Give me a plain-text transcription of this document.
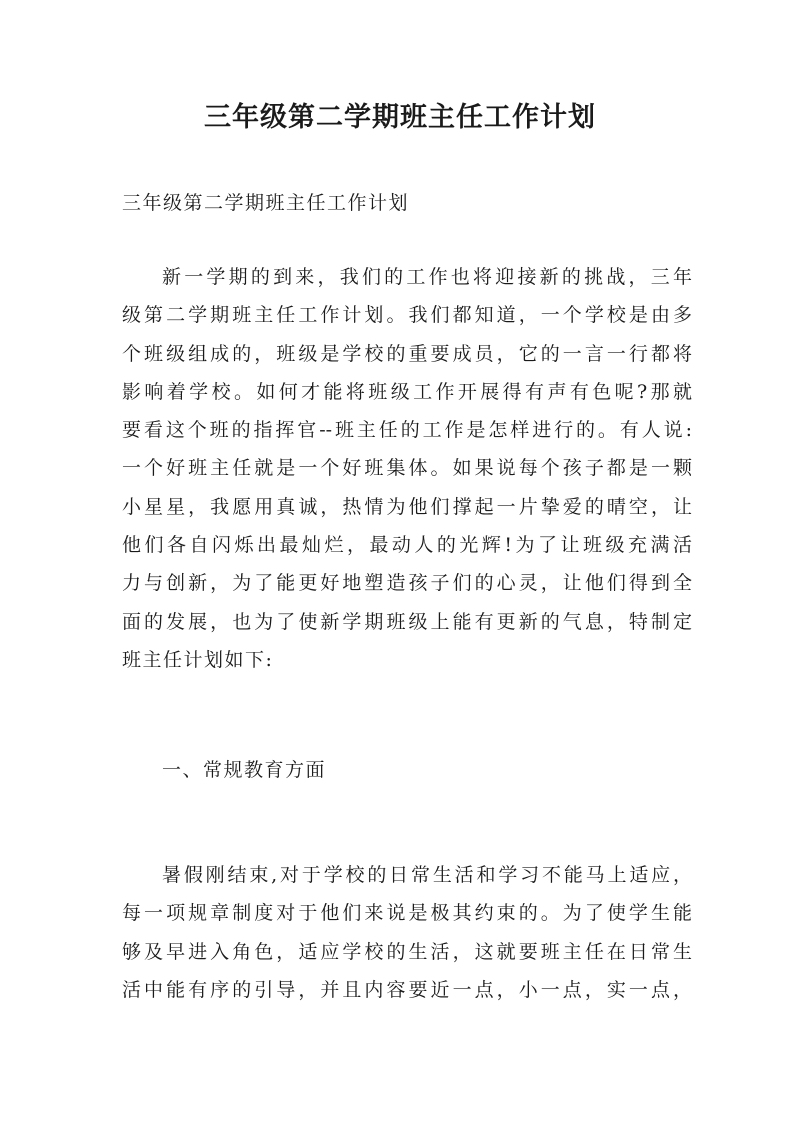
三年级第二学期班主任工作计划

三年级第二学期班主任工作计划

新一学期的到来，我们的工作也将迎接新的挑战，三年
级第二学期班主任工作计划。我们都知道，一个学校是由多
个班级组成的，班级是学校的重要成员，它的一言一行都将
影响着学校。如何才能将班级工作开展得有声有色呢?那就
要看这个班的指挥官--班主任的工作是怎样进行的。有人说:
一个好班主任就是一个好班集体。如果说每个孩子都是一颗
小星星，我愿用真诚，热情为他们撑起一片挚爱的晴空，让
他们各自闪烁出最灿烂，最动人的光辉!为了让班级充满活
力与创新，为了能更好地塑造孩子们的心灵，让他们得到全
面的发展，也为了使新学期班级上能有更新的气息，特制定
班主任计划如下:

一、常规教育方面

暑假刚结束,对于学校的日常生活和学习不能马上适应，
每一项规章制度对于他们来说是极其约束的。为了使学生能
够及早进入角色，适应学校的生活，这就要班主任在日常生
活中能有序的引导，并且内容要近一点，小一点，实一点，
